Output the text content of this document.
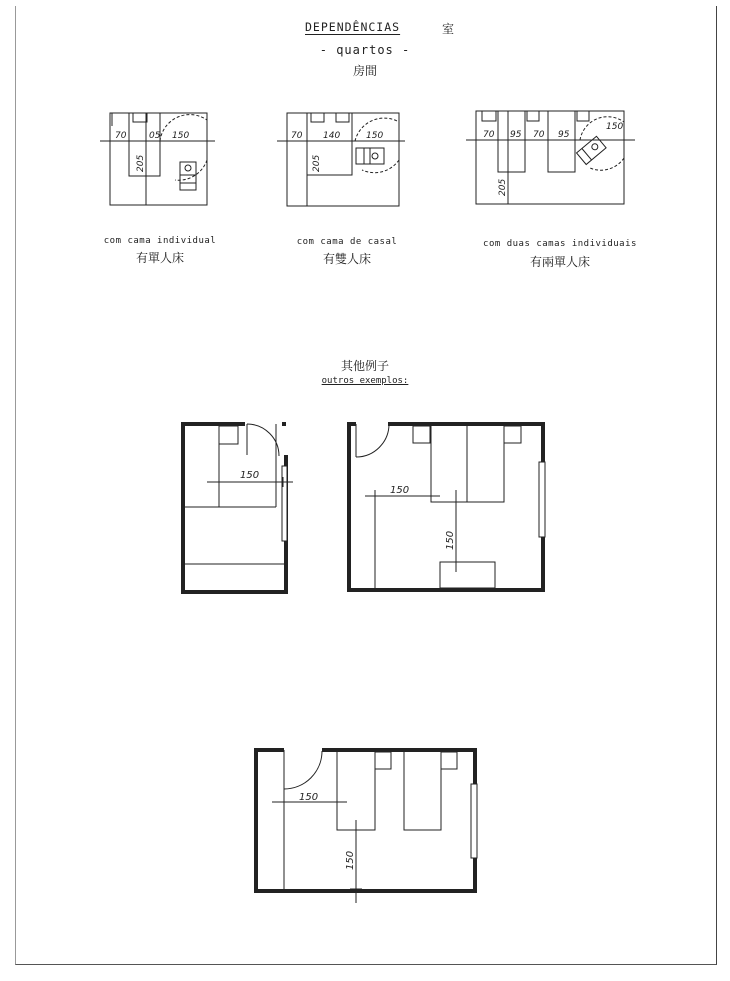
DEPENDÊNCIAS	室
- quartos -
房間
com cama individual
有單人床
com cama de casal
有雙人床
com duas camas individuais
有兩單人床
其他例子
outros exemplos:
70	05 150
205
70 140	150
205
70 95 70 95
150
205
150
150
150
150
150
